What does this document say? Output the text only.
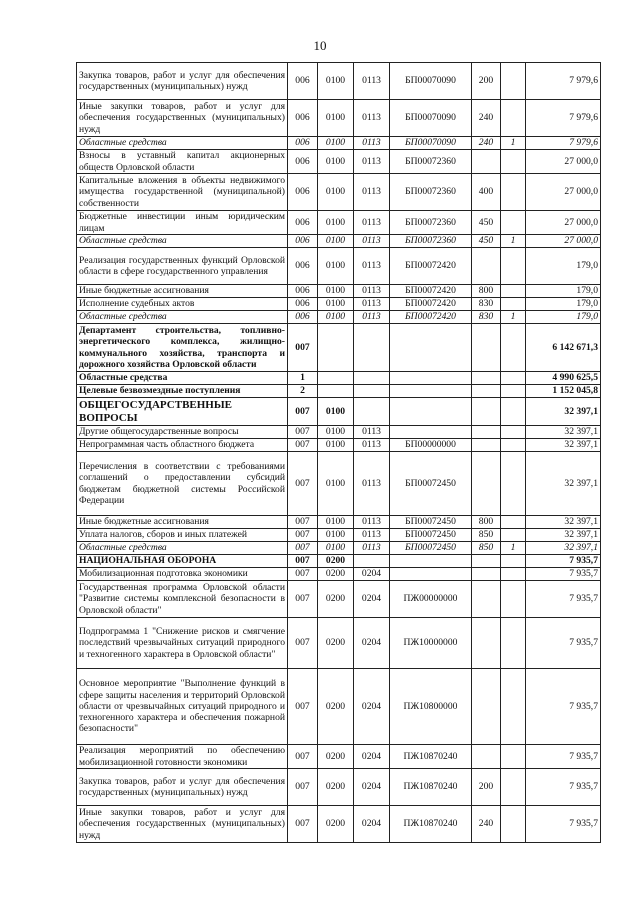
10
Закупка товаров, работ и услуг для обеспечения государственных (муниципальных) нужд	006	0100	0113	БП00070090	200		7 979,6
Иные закупки товаров, работ и услуг для обеспечения государственных (муниципальных) нужд	006	0100	0113	БП00070090	240		7 979,6
Областные средства	006	0100	0113	БП00070090	240	1	7 979,6
Взносы в уставный капитал акционерных обществ Орловской области	006	0100	0113	БП00072360			27 000,0
Капитальные вложения в объекты недвижимого имущества государственной (муниципальной) собственности	006	0100	0113	БП00072360	400		27 000,0
Бюджетные инвестиции иным юридическим лицам	006	0100	0113	БП00072360	450		27 000,0
Областные средства	006	0100	0113	БП00072360	450	1	27 000,0
Реализация государственных функций Орловской области в сфере государственного управления	006	0100	0113	БП00072420			179,0
Иные бюджетные ассигнования	006	0100	0113	БП00072420	800		179,0
Исполнение судебных актов	006	0100	0113	БП00072420	830		179,0
Областные средства	006	0100	0113	БП00072420	830	1	179,0
Департамент строительства, топливно-энергетического комплекса, жилищно-коммунального хозяйства, транспорта и дорожного хозяйства Орловской области	007						6 142 671,3
Областные средства	1						4 990 625,5
Целевые безвозмездные поступления	2						1 152 045,8
ОБЩЕГОСУДАРСТВЕННЫЕ ВОПРОСЫ	007	0100					32 397,1
Другие общегосударственные вопросы	007	0100	0113				32 397,1
Непрограммная часть областного бюджета	007	0100	0113	БП00000000			32 397,1
Перечисления в соответствии с требованиями соглашений о предоставлении субсидий бюджетам бюджетной системы Российской Федерации	007	0100	0113	БП00072450			32 397,1
Иные бюджетные ассигнования	007	0100	0113	БП00072450	800		32 397,1
Уплата налогов, сборов и иных платежей	007	0100	0113	БП00072450	850		32 397,1
Областные средства	007	0100	0113	БП00072450	850	1	32 397,1
НАЦИОНАЛЬНАЯ ОБОРОНА	007	0200					7 935,7
Мобилизационная подготовка экономики	007	0200	0204				7 935,7
Государственная программа Орловской области "Развитие системы комплексной безопасности в Орловской области"	007	0200	0204	ПЖ00000000			7 935,7
Подпрограмма 1 "Снижение рисков и смягчение последствий чрезвычайных ситуаций природного и техногенного характера в Орловской области"	007	0200	0204	ПЖ10000000			7 935,7
Основное мероприятие "Выполнение функций в сфере защиты населения и территорий Орловской области от чрезвычайных ситуаций природного и техногенного характера и обеспечения пожарной безопасности"	007	0200	0204	ПЖ10800000			7 935,7
Реализация мероприятий по обеспечению мобилизационной готовности экономики	007	0200	0204	ПЖ10870240			7 935,7
Закупка товаров, работ и услуг для обеспечения государственных (муниципальных) нужд	007	0200	0204	ПЖ10870240	200		7 935,7
Иные закупки товаров, работ и услуг для обеспечения государственных (муниципальных) нужд	007	0200	0204	ПЖ10870240	240		7 935,7
